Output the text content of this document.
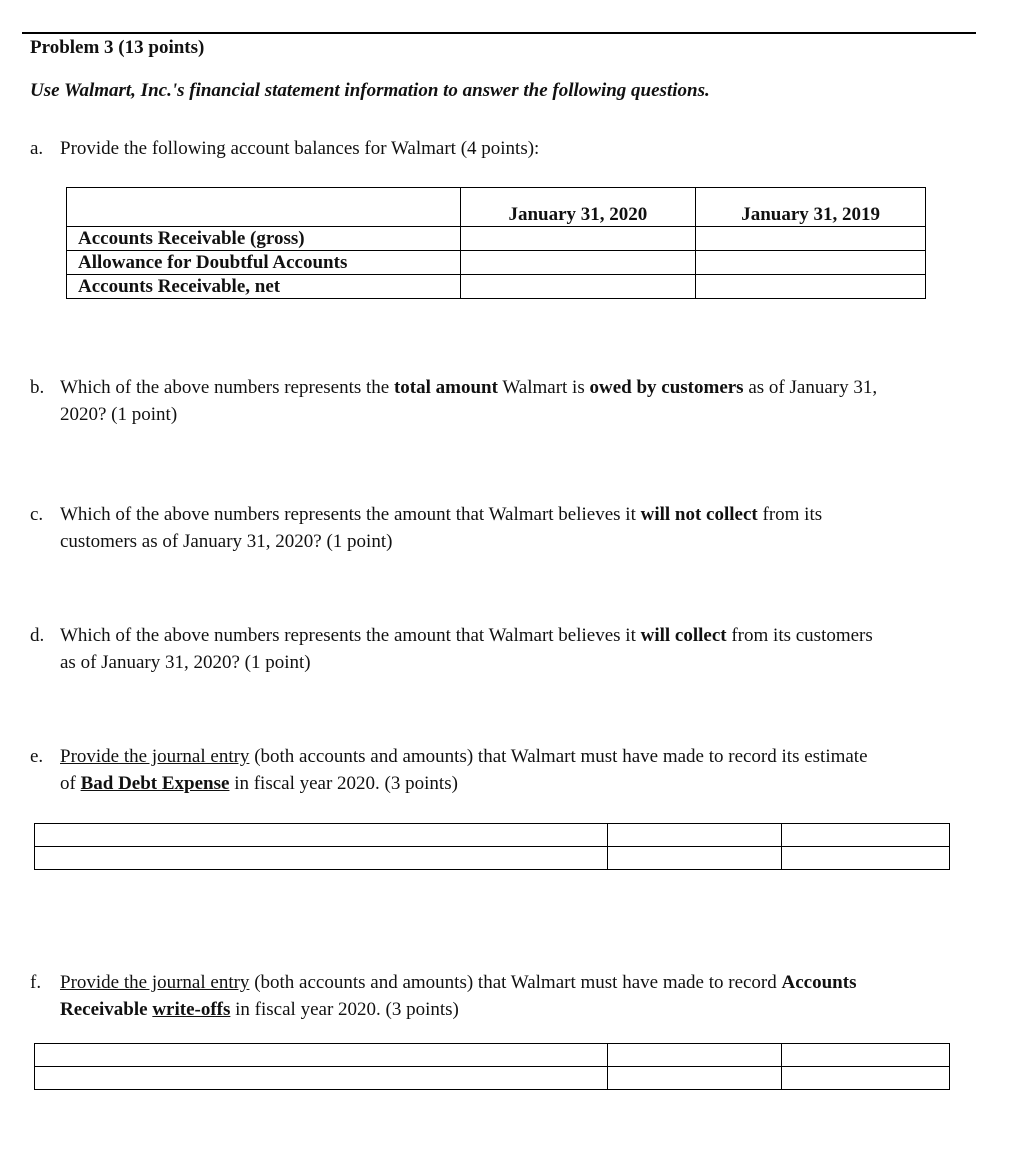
Problem 3 (13 points)
Use Walmart, Inc.'s financial statement information to answer the following questions.
a. Provide the following account balances for Walmart (4 points):
	January 31, 2020	January 31, 2019
Accounts Receivable (gross)		
Allowance for Doubtful Accounts		
Accounts Receivable, net		
b. Which of the above numbers represents the total amount Walmart is owed by customers as of January 31,
2020? (1 point)
c. Which of the above numbers represents the amount that Walmart believes it will not collect from its
customers as of January 31, 2020? (1 point)
d. Which of the above numbers represents the amount that Walmart believes it will collect from its customers
as of January 31, 2020? (1 point)
e. Provide the journal entry (both accounts and amounts) that Walmart must have made to record its estimate
of Bad Debt Expense in fiscal year 2020. (3 points)

f. Provide the journal entry (both accounts and amounts) that Walmart must have made to record Accounts
Receivable write-offs in fiscal year 2020. (3 points)
